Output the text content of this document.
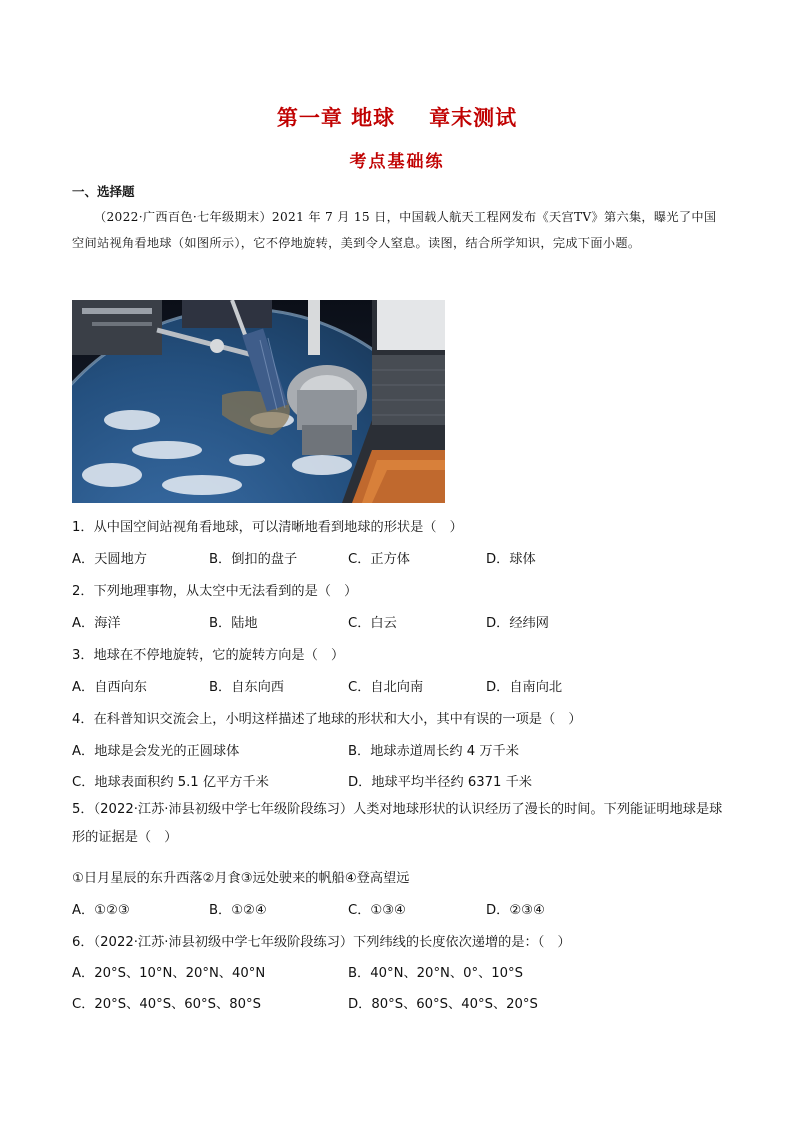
第一章 地球 章末测试
考点基础练
一、选择题
（2022·广西百色·七年级期末）2021 年 7 月 15 日，中国载人航天工程网发布《天宫TV》第六集，曝光了中国空间站视角看地球（如图所示），它不停地旋转，美到令人窒息。读图，结合所学知识，完成下面小题。
1．从中国空间站视角看地球，可以清晰地看到地球的形状是（　）
A．天圆地方	B．倒扣的盘子	C．正方体	D．球体
2．下列地理事物，从太空中无法看到的是（　）
A．海洋	B．陆地	C．白云	D．经纬网
3．地球在不停地旋转，它的旋转方向是（　）
A．自西向东	B．自东向西	C．自北向南	D．自南向北
4．在科普知识交流会上，小明这样描述了地球的形状和大小，其中有误的一项是（　）
A．地球是会发光的正圆球体	B．地球赤道周长约 4 万千米
C．地球表面积约 5.1 亿平方千米	D．地球平均半径约 6371 千米
5．（2022·江苏·沛县初级中学七年级阶段练习）人类对地球形状的认识经历了漫长的时间。下列能证明地球是球形的证据是（　）
①日月星辰的东升西落②月食③远处驶来的帆船④登高望远
A．①②③	B．①②④	C．①③④	D．②③④
6．（2022·江苏·沛县初级中学七年级阶段练习）下列纬线的长度依次递增的是：（　）
A．20°S、10°N、20°N、40°N	B．40°N、20°N、0°、10°S
C．20°S、40°S、60°S、80°S	D．80°S、60°S、40°S、20°S
